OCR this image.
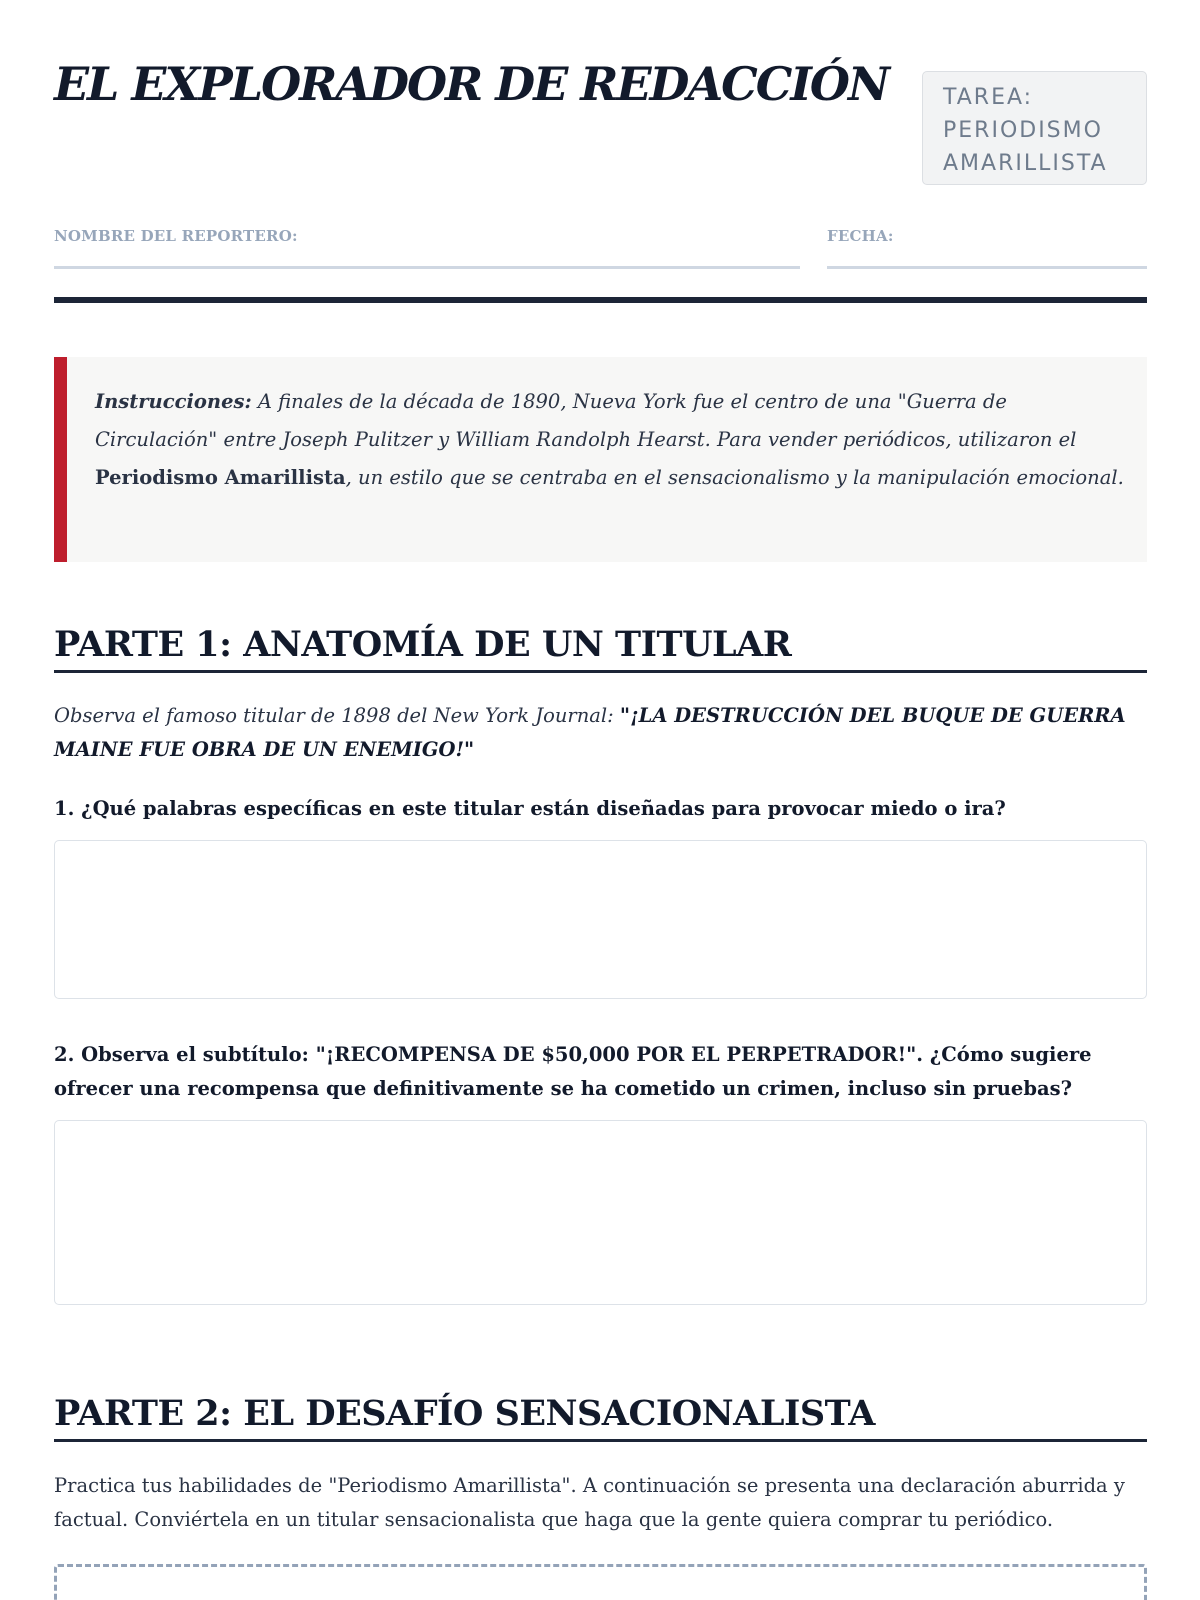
EL EXPLORADOR DE REDACCIÓN	TAREA:
PERIODISMO
AMARILLISTA
NOMBRE DEL REPORTERO:	FECHA:
Instrucciones: A finales de la década de 1890, Nueva York fue el centro de una "Guerra de Circulación" entre Joseph Pulitzer y William Randolph Hearst. Para vender periódicos, utilizaron el Periodismo Amarillista, un estilo que se centraba en el sensacionalismo y la manipulación emocional.
PARTE 1: ANATOMÍA DE UN TITULAR
Observa el famoso titular de 1898 del New York Journal: "¡LA DESTRUCCIÓN DEL BUQUE DE GUERRA MAINE FUE OBRA DE UN ENEMIGO!"
1. ¿Qué palabras específicas en este titular están diseñadas para provocar miedo o ira?
2. Observa el subtítulo: "¡RECOMPENSA DE $50,000 POR EL PERPETRADOR!". ¿Cómo sugiere ofrecer una recompensa que definitivamente se ha cometido un crimen, incluso sin pruebas?
PARTE 2: EL DESAFÍO SENSACIONALISTA
Practica tus habilidades de "Periodismo Amarillista". A continuación se presenta una declaración aburrida y factual. Conviértela en un titular sensacionalista que haga que la gente quiera comprar tu periódico.
